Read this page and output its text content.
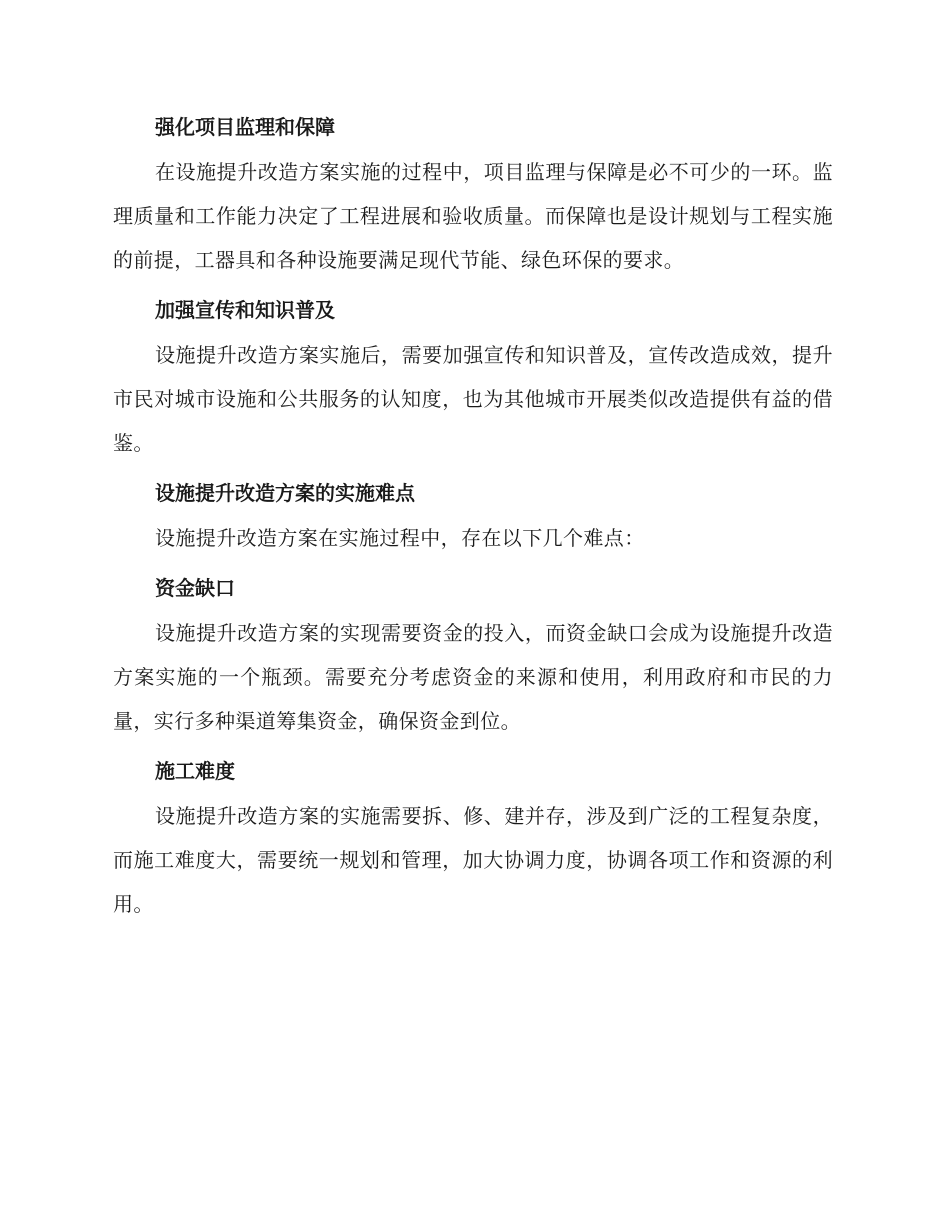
强化项目监理和保障

在设施提升改造方案实施的过程中，项目监理与保障是必不可少的一环。监理质量和工作能力决定了工程进展和验收质量。而保障也是设计规划与工程实施的前提，工器具和各种设施要满足现代节能、绿色环保的要求。

加强宣传和知识普及

设施提升改造方案实施后，需要加强宣传和知识普及，宣传改造成效，提升市民对城市设施和公共服务的认知度，也为其他城市开展类似改造提供有益的借鉴。

设施提升改造方案的实施难点

设施提升改造方案在实施过程中，存在以下几个难点：

资金缺口

设施提升改造方案的实现需要资金的投入，而资金缺口会成为设施提升改造方案实施的一个瓶颈。需要充分考虑资金的来源和使用，利用政府和市民的力量，实行多种渠道筹集资金，确保资金到位。

施工难度

设施提升改造方案的实施需要拆、修、建并存，涉及到广泛的工程复杂度，而施工难度大，需要统一规划和管理，加大协调力度，协调各项工作和资源的利用。
